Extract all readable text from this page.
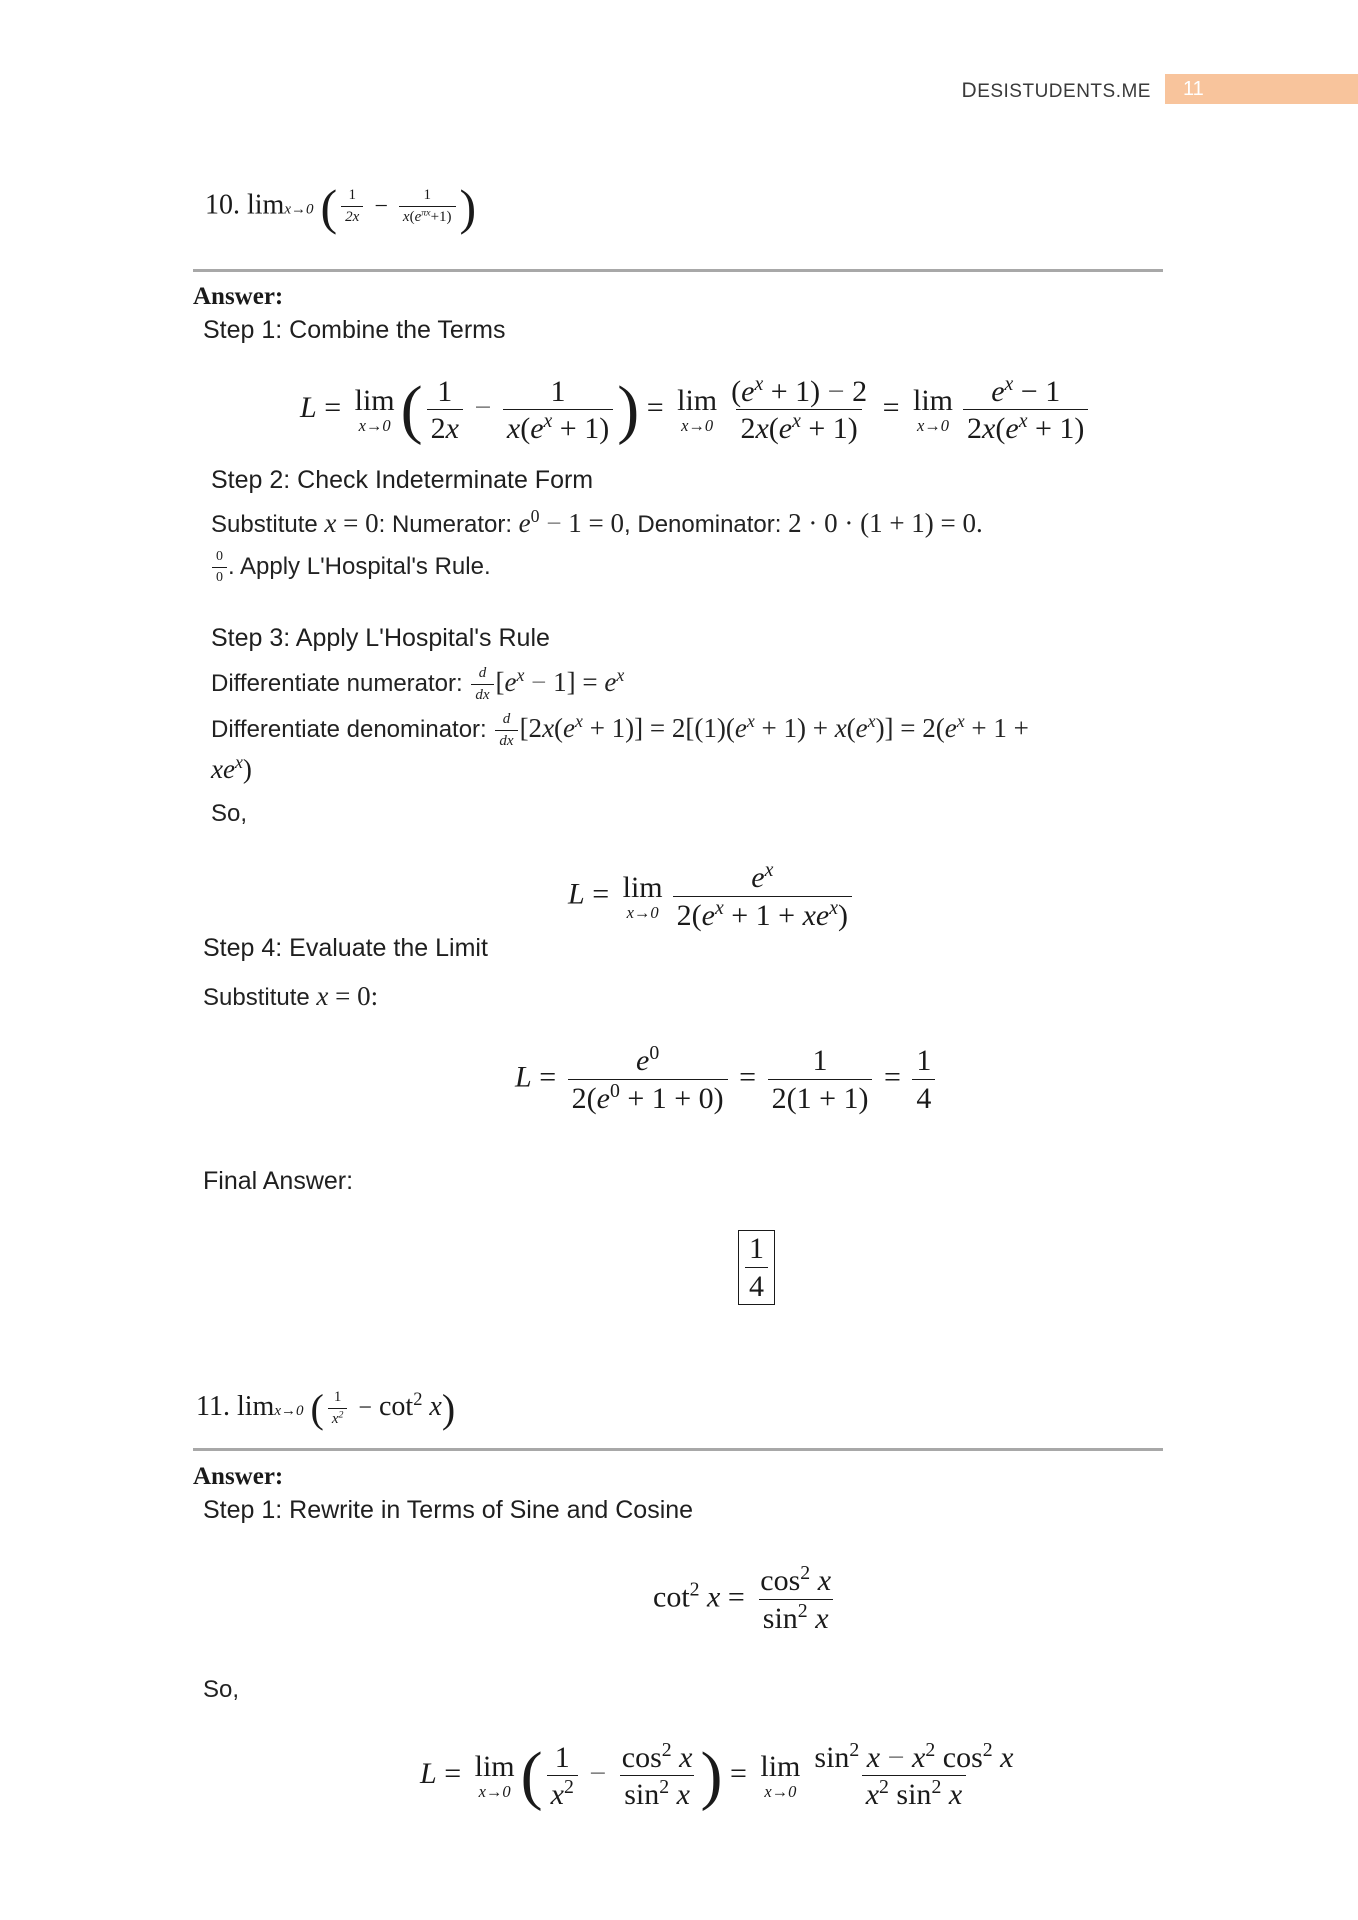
DESISTUDENTS.ME	11
10. limx→0 ( $\frac{1}{2x} - \frac{1}{x(e^{\pi x}+1)}$ )
Answer:
Step 1: Combine the Terms
L = lim
x→0 ( $\frac{1}{2x} - \frac{1}{x(e^x + 1)}$ ) = lim
$x\to 0 \frac{(e^x + 1) - 2}{2x(e^x + 1)} = \lim$
$x\to 0 \frac{e^x - 1}{2x(e^x + 1)}$
Step 2: Check Indeterminate Form
Substitute x = 0: Numerator: $e^0 - 1 = 0$, Denominator: 2 · 0 · (1 + 1) = 0.
$\frac{0}{0}$ . Apply L'Hospital's Rule.
Step 3: Apply L'Hospital's Rule
Differentiate numerator: $\frac{d}{dx} [e^x - 1] = e^x$
Differentiate denominator: $\frac{d}{dx} [2x(e^x + 1)] = 2[(1)(e^x + 1) + x(e^x)] = 2(e^x + 1$ +
$xe^x$)
So,
L = lim
$x\to 0 \frac{e^x}{2(e^x + 1 + xe^x)}$
Step 4: Evaluate the Limit
Substitute x = 0:
$L = \frac{e^0}{2(e^0 + 1 + 0)} = \frac{1}{2(1 + 1)} = \frac{1}{4}$
Final Answer:
$\frac{1}{4}$
11. limx→0 ( $\frac{1}{x^2} - \cot^2 x$)
Answer:
Step 1: Rewrite in Terms of Sine and Cosine
$\cot^2 x = \frac{\cos^2 x}{\sin^2 x}$
So,
L = lim
x→0 ( $\frac{1}{x^2} - \frac{\cos^2 x}{\sin^2 x}$ ) = lim
$x\to 0 \frac{\sin^2 x - x^2 \cos^2 x}{x^2 \sin^2 x}$
